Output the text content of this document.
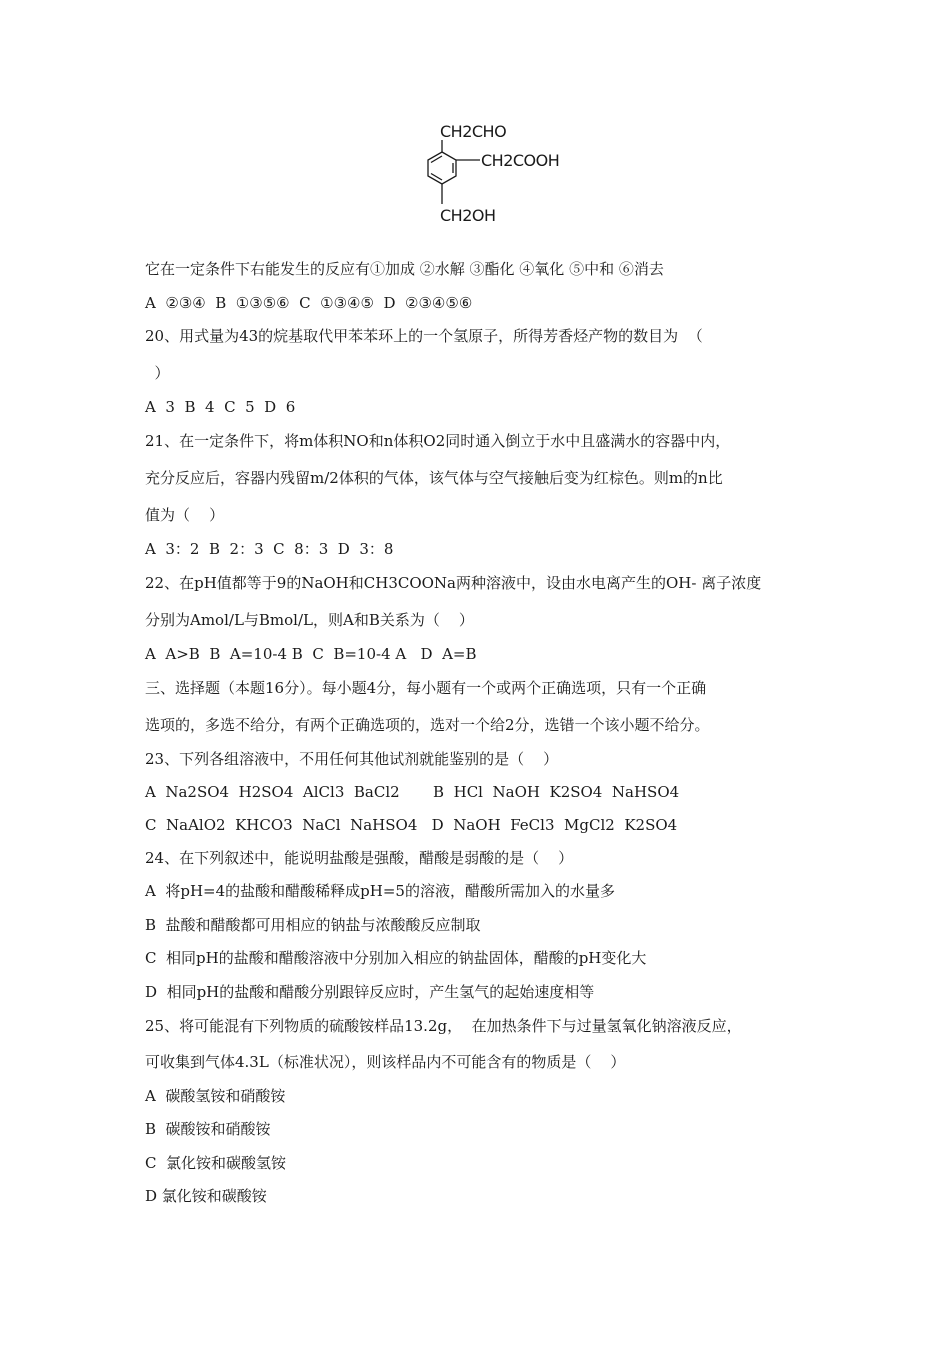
CH2CHO
CH2COOH
CH2OH
它在一定条件下右能发生的反应有①加成 ②水解 ③酯化 ④氧化 ⑤中和 ⑥消去
A  ②③④  B  ①③⑤⑥  C  ①③④⑤  D  ②③④⑤⑥
20、用式量为43的烷基取代甲苯苯环上的一个氢原子，所得芳香烃产物的数目为  （
）
A  3  B  4  C  5  D  6
21、在一定条件下，将m体积NO和n体积O2同时通入倒立于水中且盛满水的容器中内，
充分反应后，容器内残留m/2体积的气体，该气体与空气接触后变为红棕色。则m的n比
值为（    ）
A  3：2  B  2：3  C  8：3  D  3：8
22、在pH值都等于9的NaOH和CH3COONa两种溶液中，设由水电离产生的OH- 离子浓度
分别为Amol/L与Bmol/L，则A和B关系为（    ）
A  A>B  B  A=10-4 B  C  B=10-4 A   D  A=B
三、选择题（本题16分）。每小题4分，每小题有一个或两个正确选项，只有一个正确
选项的，多选不给分，有两个正确选项的，选对一个给2分，选错一个该小题不给分。
23、下列各组溶液中，不用任何其他试剂就能鉴别的是（    ）
A  Na2SO4  H2SO4  AlCl3  BaCl2       B  HCl  NaOH  K2SO4  NaHSO4
C  NaAlO2  KHCO3  NaCl  NaHSO4   D  NaOH  FeCl3  MgCl2  K2SO4
24、在下列叙述中，能说明盐酸是强酸，醋酸是弱酸的是（    ）
A  将pH=4的盐酸和醋酸稀释成pH=5的溶液，醋酸所需加入的水量多
B  盐酸和醋酸都可用相应的钠盐与浓酸酸反应制取
C  相同pH的盐酸和醋酸溶液中分别加入相应的钠盐固体，醋酸的pH变化大
D  相同pH的盐酸和醋酸分别跟锌反应时，产生氢气的起始速度相等
25、将可能混有下列物质的硫酸铵样品13.2g，  在加热条件下与过量氢氧化钠溶液反应，
可收集到气体4.3L（标准状况），则该样品内不可能含有的物质是（    ）
A  碳酸氢铵和硝酸铵
B  碳酸铵和硝酸铵
C  氯化铵和碳酸氢铵
D 氯化铵和碳酸铵
